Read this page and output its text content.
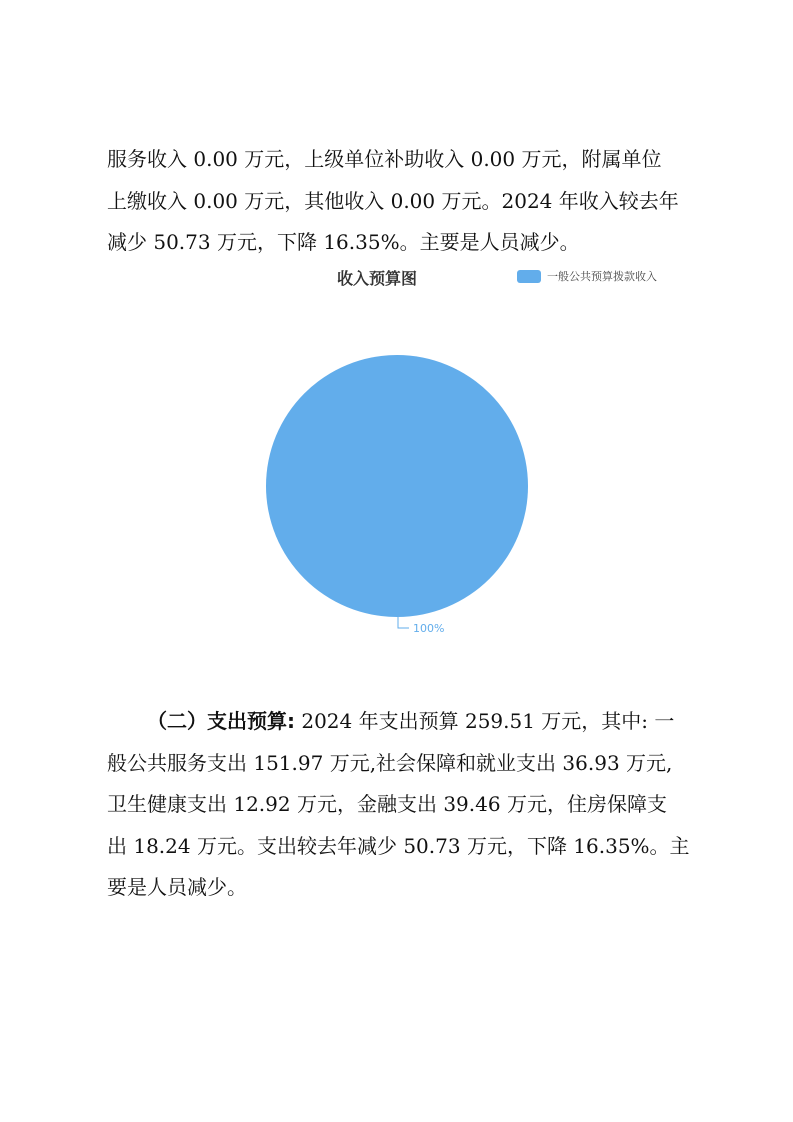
服务收入 0.00 万元，上级单位补助收入 0.00 万元，附属单位
上缴收入 0.00 万元，其他收入 0.00 万元。2024 年收入较去年
减少 50.73 万元，下降 16.35%。主要是人员减少。
收入预算图	一般公共预算拨款收入
100%
（二）支出预算: 2024 年支出预算 259.51 万元，其中: 一
般公共服务支出 151.97 万元,社会保障和就业支出 36.93 万元,
卫生健康支出 12.92 万元，金融支出 39.46 万元，住房保障支
出 18.24 万元。支出较去年减少 50.73 万元，下降 16.35%。主
要是人员减少。
